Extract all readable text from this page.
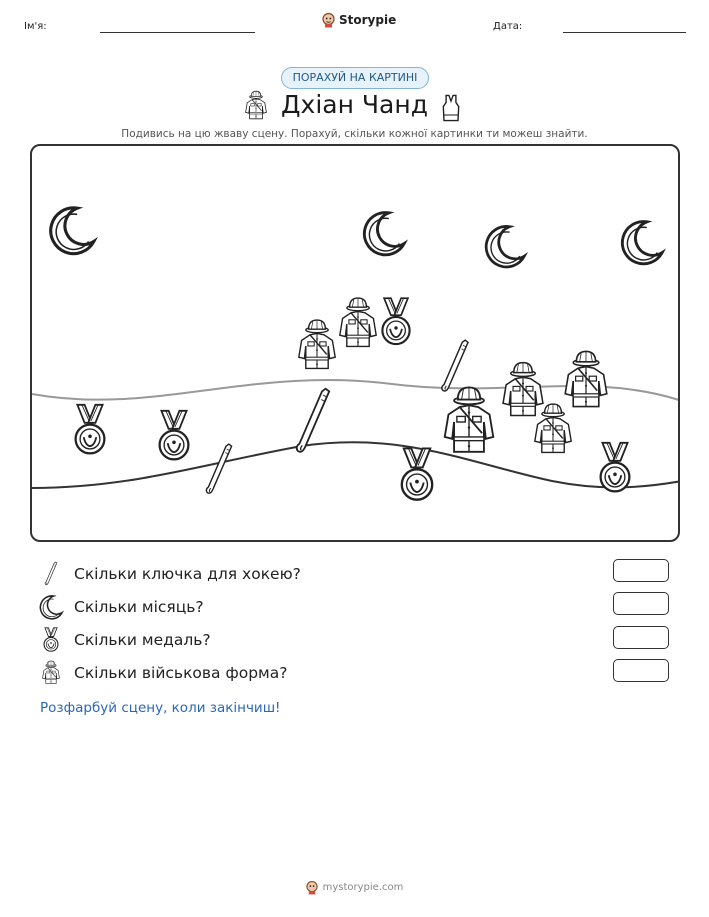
Ім'я:	Storypie	Дата:
ПОРАХУЙ НА КАРТИНІ
Дхіан Чанд
Подивись на цю жваву сцену. Порахуй, скільки кожної картинки ти можеш знайти.
Скільки ключка для хокею?
Скільки місяць?
Скільки медаль?
Скільки військова форма?
Розфарбуй сцену, коли закінчиш!
mystorypie.com
